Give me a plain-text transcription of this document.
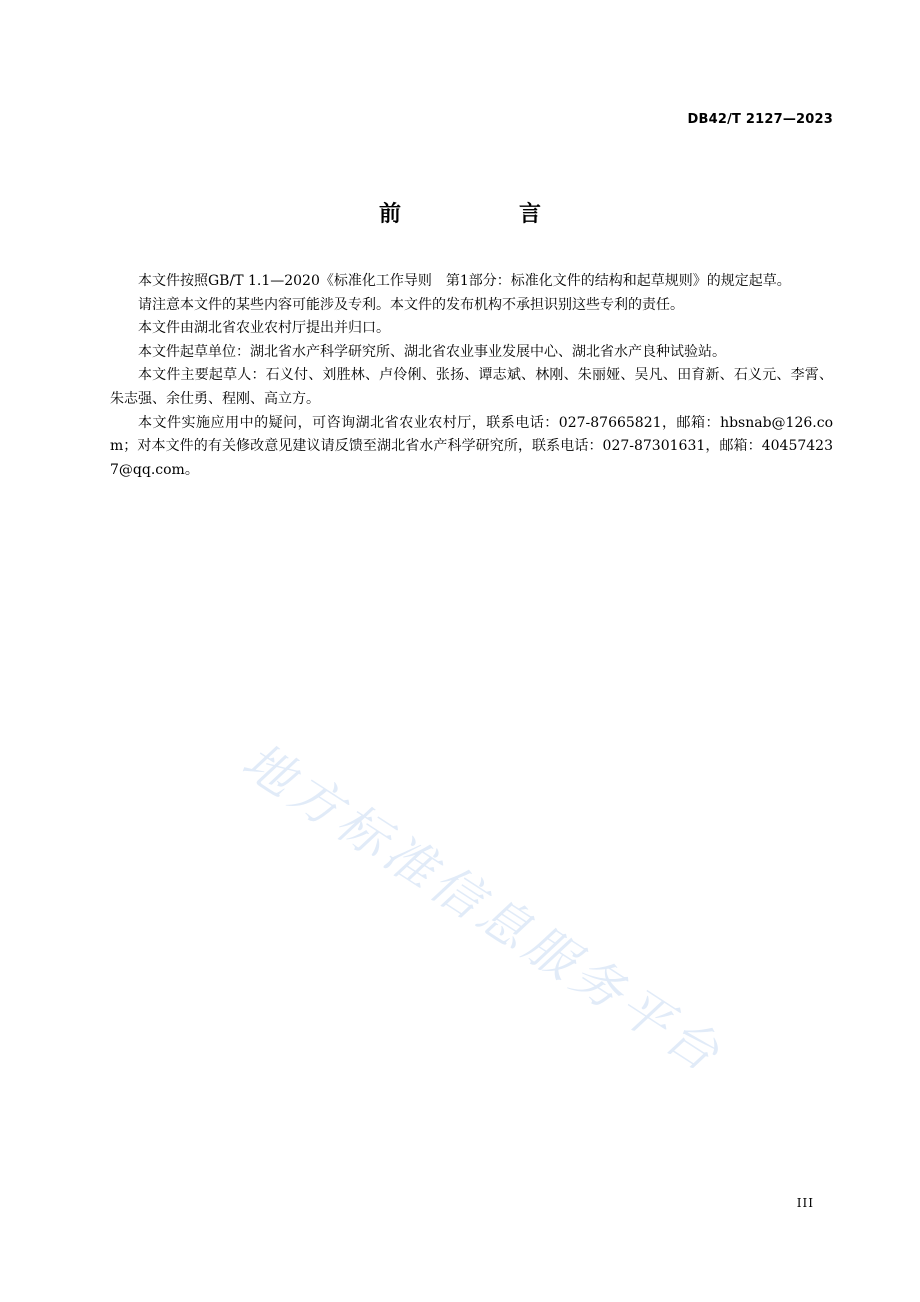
DB42/T 2127—2023
前　言

本文件按照GB/T 1.1—2020《标准化工作导则　第1部分：标准化文件的结构和起草规则》的规定起草。

请注意本文件的某些内容可能涉及专利。本文件的发布机构不承担识别这些专利的责任。

本文件由湖北省农业农村厅提出并归口。

本文件起草单位：湖北省水产科学研究所、湖北省农业事业发展中心、湖北省水产良种试验站。

本文件主要起草人：石义付、刘胜林、卢伶俐、张扬、谭志斌、林刚、朱丽娅、吴凡、田育新、石义元、李霄、朱志强、余仕勇、程刚、高立方。

本文件实施应用中的疑问，可咨询湖北省农业农村厅，联系电话：027-87665821，邮箱：hbsnab@126.com；对本文件的有关修改意见建议请反馈至湖北省水产科学研究所，联系电话：027-87301631，邮箱：404574237@qq.com。

地方标准信息服务平台
III
